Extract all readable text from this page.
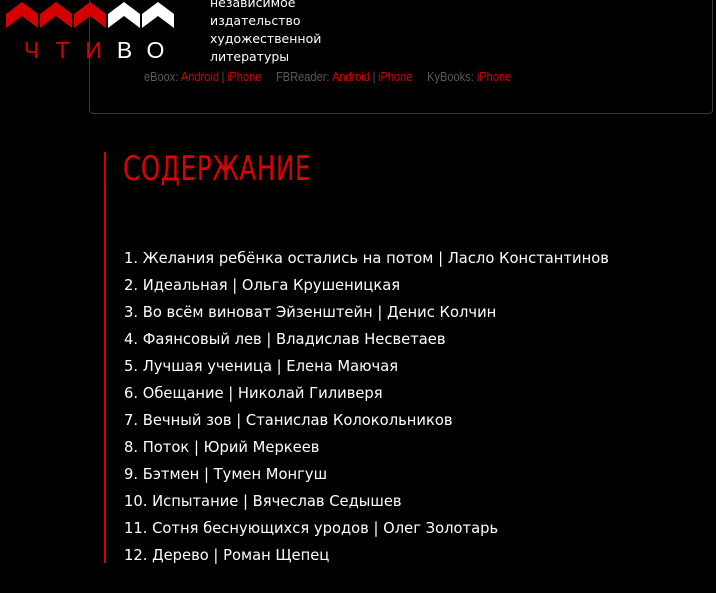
Ч Т И В О
независимое
издательство
художественной
литературы
eBoox: Android | iPhone FBReader: Android | iPhone KyBooks: iPhone
СОДЕРЖАНИЕ
1. Желания ребёнка остались на потом | Ласло Константинов
2. Идеальная | Ольга Крушеницкая
3. Во всём виноват Эйзенштейн | Денис Колчин
4. Фаянсовый лев | Владислав Несветаев
5. Лучшая ученица | Елена Маючая
6. Обещание | Николай Гиливеря
7. Вечный зов | Станислав Колокольников
8. Поток | Юрий Меркеев
9. Бэтмен | Тумен Монгуш
10. Испытание | Вячеслав Седышев
11. Сотня беснующихся уродов | Олег Золотарь
12. Дерево | Роман Щепец
